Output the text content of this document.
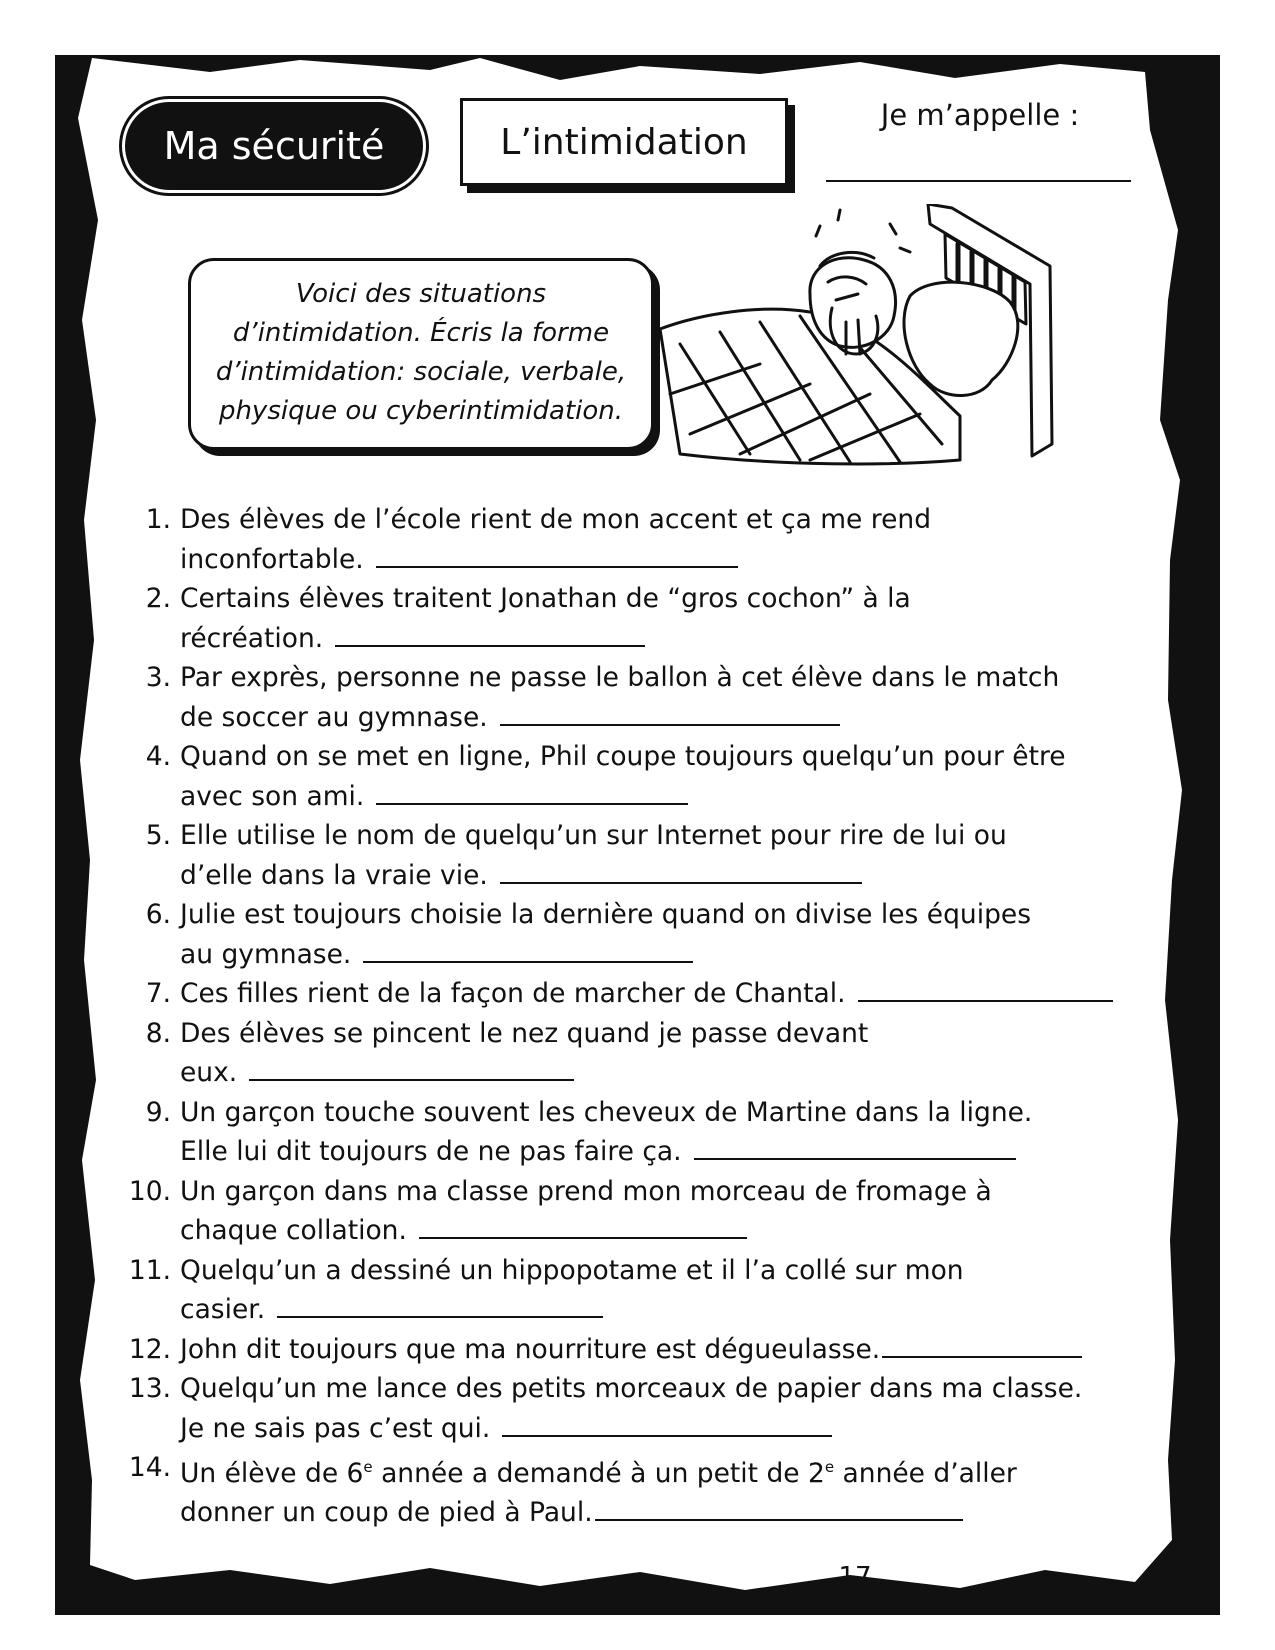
Ma sécurité	L’intimidation
Je m’appelle :
Voici des situations
d’intimidation. Écris la forme
d’intimidation: sociale, verbale,
physique ou cyberintimidation.
1. Des élèves de l’école rient de mon accent et ça me rend
inconfortable.
2. Certains élèves traitent Jonathan de “gros cochon” à la
récréation.
3. Par exprès, personne ne passe le ballon à cet élève dans le match
de soccer au gymnase.
4. Quand on se met en ligne, Phil coupe toujours quelqu’un pour être
avec son ami.
5. Elle utilise le nom de quelqu’un sur Internet pour rire de lui ou
d’elle dans la vraie vie.
6. Julie est toujours choisie la dernière quand on divise les équipes
au gymnase.
7. Ces filles rient de la façon de marcher de Chantal.
8. Des élèves se pincent le nez quand je passe devant
eux.
9. Un garçon touche souvent les cheveux de Martine dans la ligne.
Elle lui dit toujours de ne pas faire ça.
10. Un garçon dans ma classe prend mon morceau de fromage à
chaque collation.
11. Quelqu’un a dessiné un hippopotame et il l’a collé sur mon
casier.
12. John dit toujours que ma nourriture est dégueulasse.
13. Quelqu’un me lance des petits morceaux de papier dans ma classe.
Je ne sais pas c’est qui.
14. Un élève de 6e année a demandé à un petit de 2e année d’aller
donner un coup de pied à Paul.
17
